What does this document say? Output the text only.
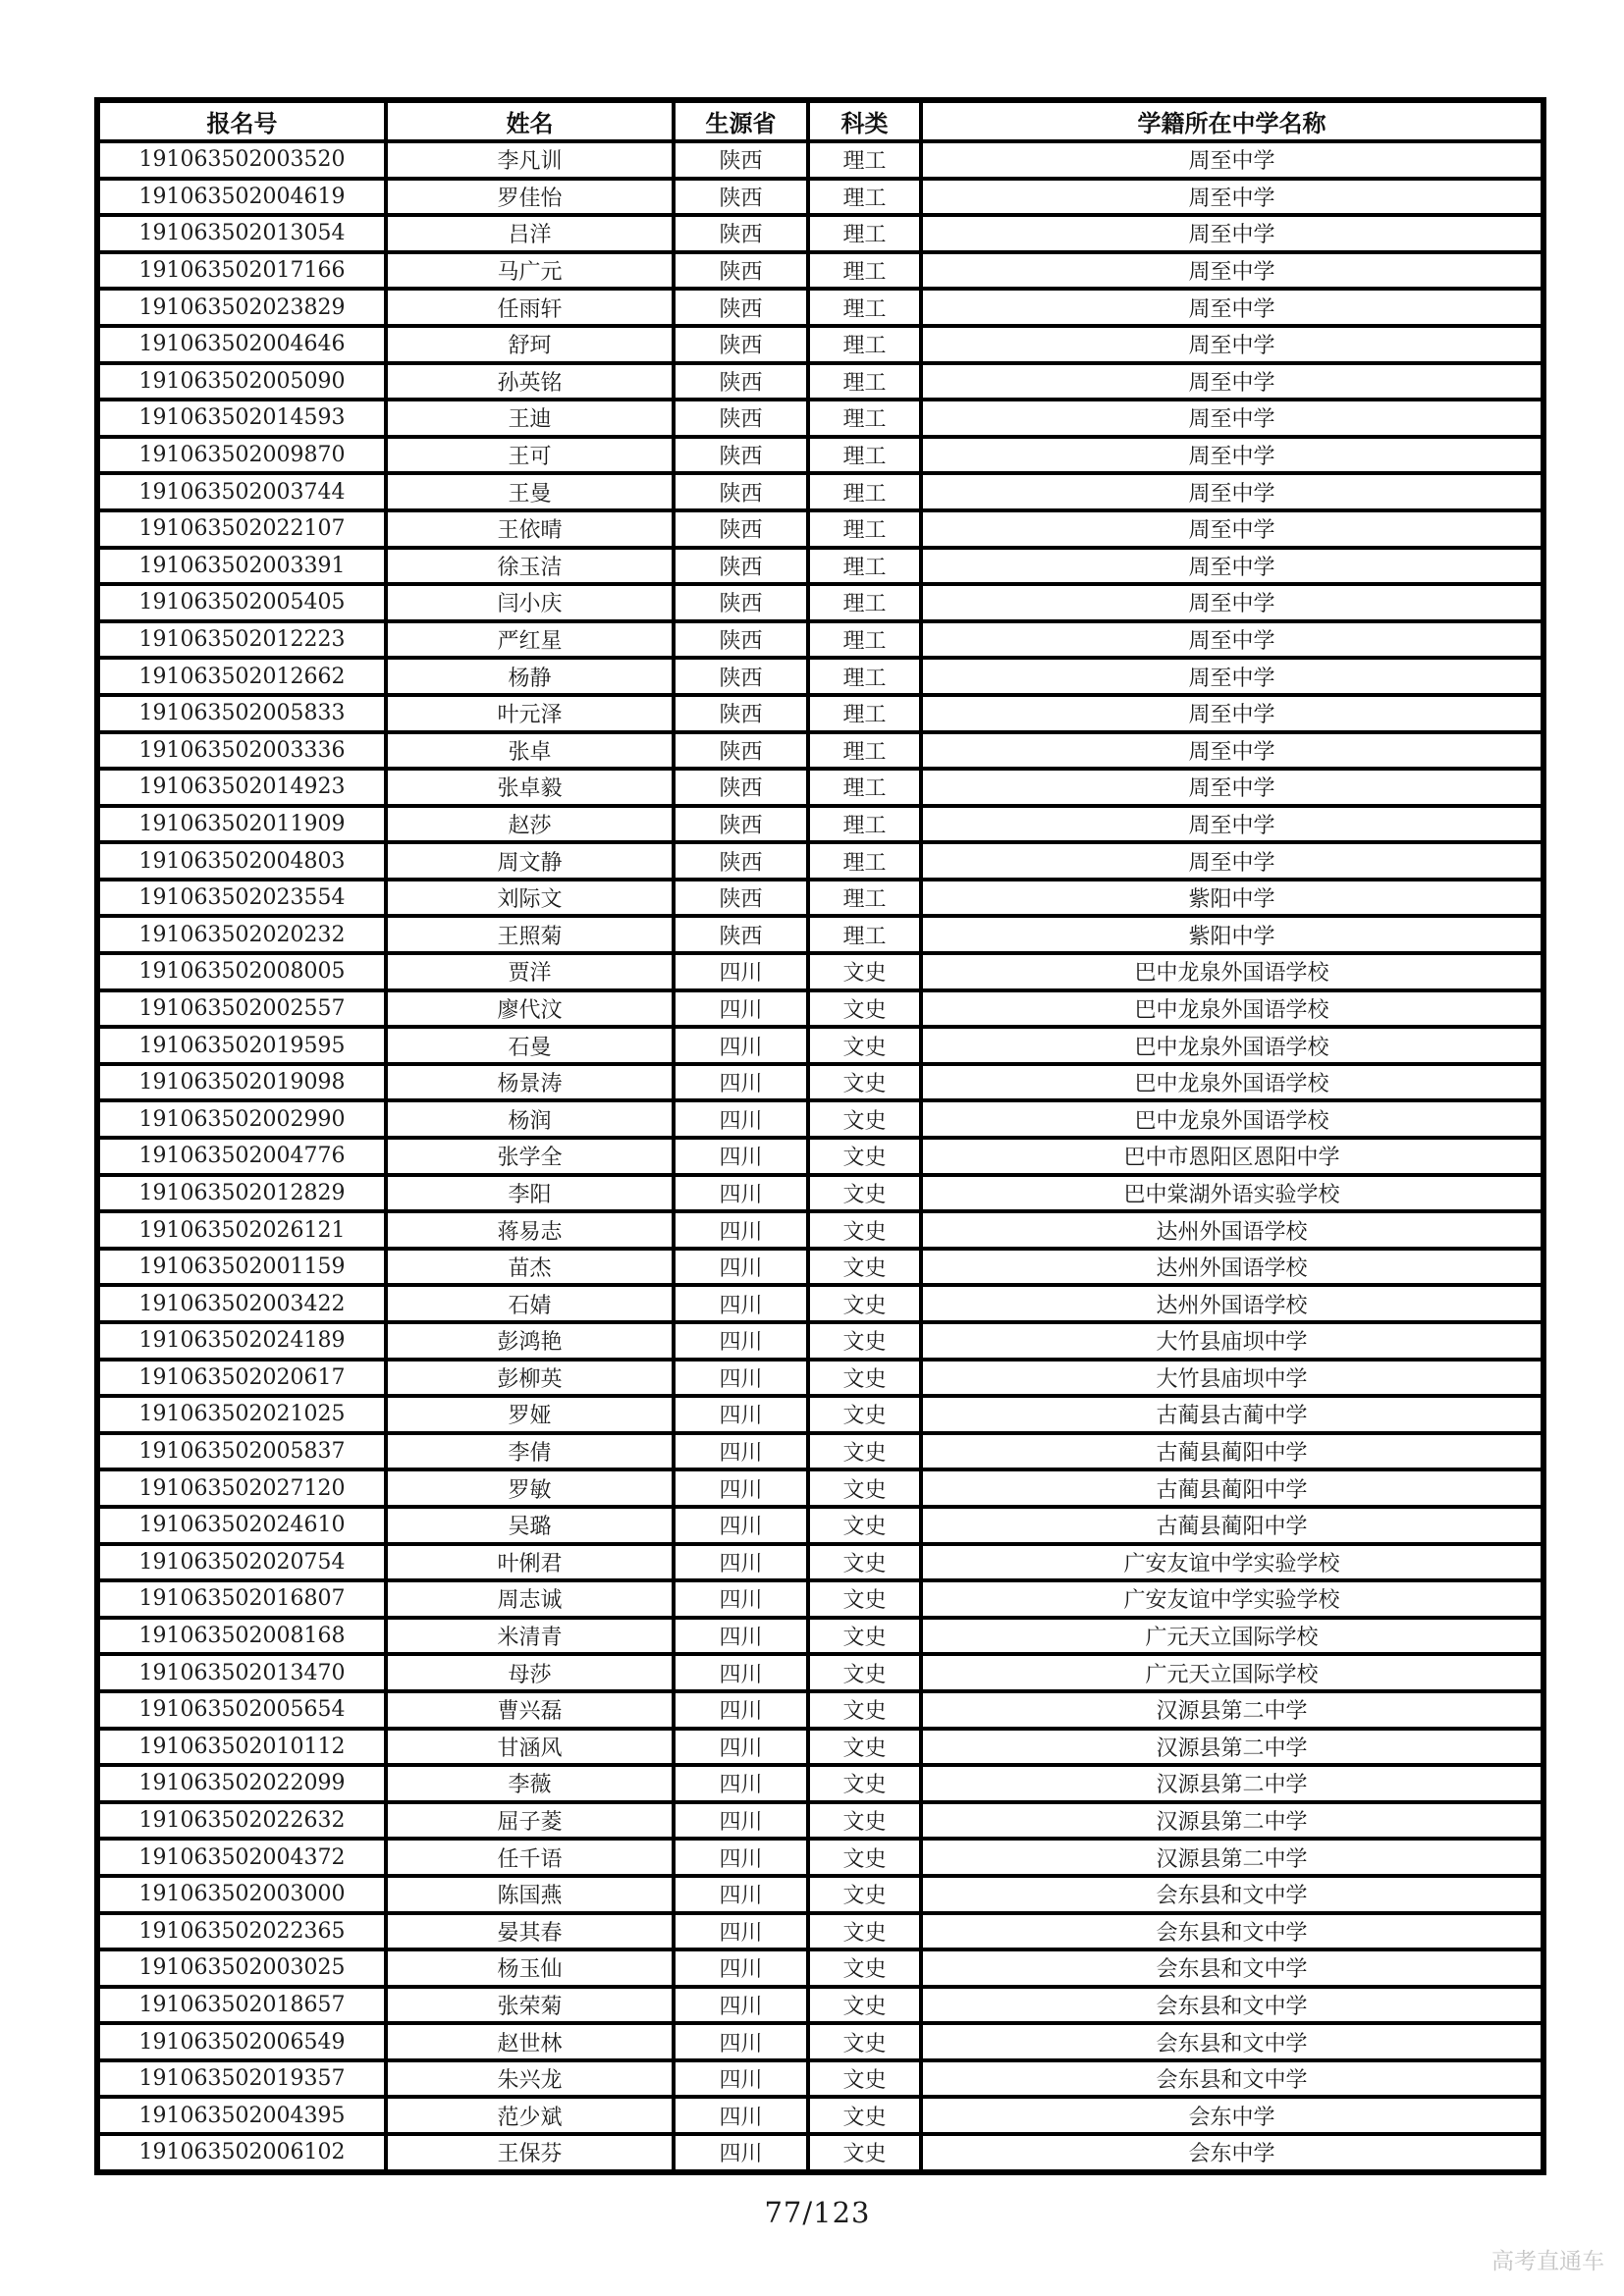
报名号	姓名	生源省	科类	学籍所在中学名称
191063502003520	李凡训	陕西	理工	周至中学
191063502004619	罗佳怡	陕西	理工	周至中学
191063502013054	吕洋	陕西	理工	周至中学
191063502017166	马广元	陕西	理工	周至中学
191063502023829	任雨轩	陕西	理工	周至中学
191063502004646	舒珂	陕西	理工	周至中学
191063502005090	孙英铭	陕西	理工	周至中学
191063502014593	王迪	陕西	理工	周至中学
191063502009870	王可	陕西	理工	周至中学
191063502003744	王曼	陕西	理工	周至中学
191063502022107	王依晴	陕西	理工	周至中学
191063502003391	徐玉洁	陕西	理工	周至中学
191063502005405	闫小庆	陕西	理工	周至中学
191063502012223	严红星	陕西	理工	周至中学
191063502012662	杨静	陕西	理工	周至中学
191063502005833	叶元泽	陕西	理工	周至中学
191063502003336	张卓	陕西	理工	周至中学
191063502014923	张卓毅	陕西	理工	周至中学
191063502011909	赵莎	陕西	理工	周至中学
191063502004803	周文静	陕西	理工	周至中学
191063502023554	刘际文	陕西	理工	紫阳中学
191063502020232	王照菊	陕西	理工	紫阳中学
191063502008005	贾洋	四川	文史	巴中龙泉外国语学校
191063502002557	廖代汶	四川	文史	巴中龙泉外国语学校
191063502019595	石曼	四川	文史	巴中龙泉外国语学校
191063502019098	杨景涛	四川	文史	巴中龙泉外国语学校
191063502002990	杨润	四川	文史	巴中龙泉外国语学校
191063502004776	张学全	四川	文史	巴中市恩阳区恩阳中学
191063502012829	李阳	四川	文史	巴中棠湖外语实验学校
191063502026121	蒋易志	四川	文史	达州外国语学校
191063502001159	苗杰	四川	文史	达州外国语学校
191063502003422	石婧	四川	文史	达州外国语学校
191063502024189	彭鸿艳	四川	文史	大竹县庙坝中学
191063502020617	彭柳英	四川	文史	大竹县庙坝中学
191063502021025	罗娅	四川	文史	古蔺县古蔺中学
191063502005837	李倩	四川	文史	古蔺县蔺阳中学
191063502027120	罗敏	四川	文史	古蔺县蔺阳中学
191063502024610	吴璐	四川	文史	古蔺县蔺阳中学
191063502020754	叶俐君	四川	文史	广安友谊中学实验学校
191063502016807	周志诚	四川	文史	广安友谊中学实验学校
191063502008168	米清青	四川	文史	广元天立国际学校
191063502013470	母莎	四川	文史	广元天立国际学校
191063502005654	曹兴磊	四川	文史	汉源县第二中学
191063502010112	甘涵风	四川	文史	汉源县第二中学
191063502022099	李薇	四川	文史	汉源县第二中学
191063502022632	屈子菱	四川	文史	汉源县第二中学
191063502004372	任千语	四川	文史	汉源县第二中学
191063502003000	陈国燕	四川	文史	会东县和文中学
191063502022365	晏其春	四川	文史	会东县和文中学
191063502003025	杨玉仙	四川	文史	会东县和文中学
191063502018657	张荣菊	四川	文史	会东县和文中学
191063502006549	赵世林	四川	文史	会东县和文中学
191063502019357	朱兴龙	四川	文史	会东县和文中学
191063502004395	范少斌	四川	文史	会东中学
191063502006102	王保芬	四川	文史	会东中学
77/123
高考直通车
